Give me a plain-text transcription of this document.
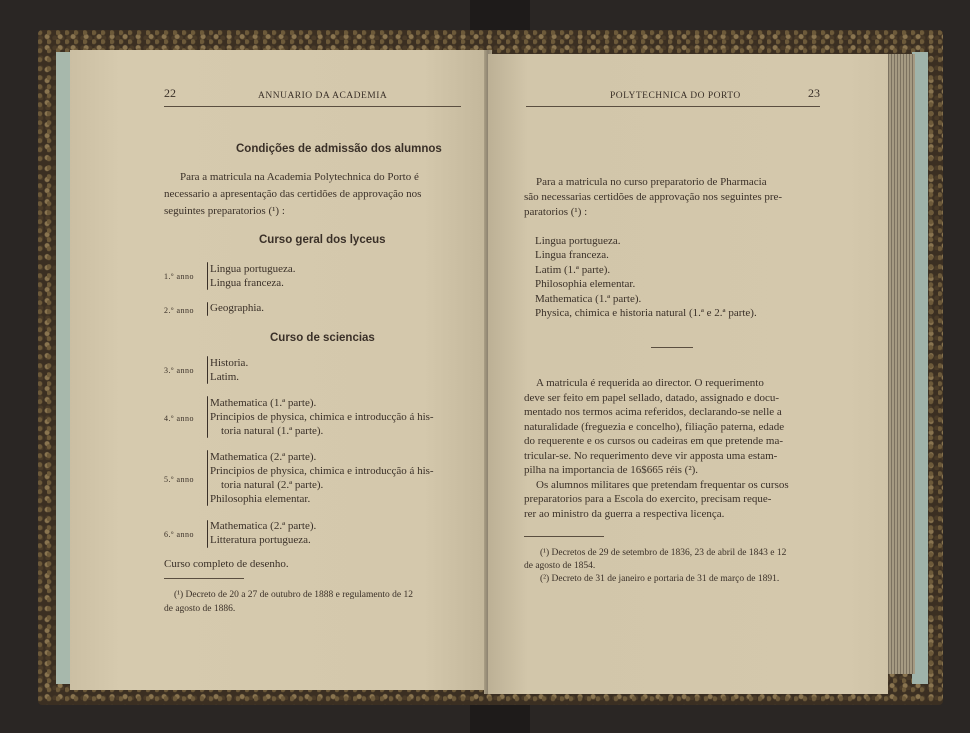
22	ANNUARIO DA ACADEMIA
Condições de admissão dos alumnos
Para a matricula na Academia Polytechnica do Porto é
necessario a apresentação das certidões de approvação nos
seguintes preparatorios (¹) :
Curso geral dos lyceus
1.º anno
Lingua portugueza.
Lingua franceza.
2.º anno Geographia.
Curso de sciencias
3.º anno
Historia.
Latim.
4.º anno
Mathematica (1.ª parte).
Principios de physica, chimica e introducção á his-
toria natural (1.ª parte).
5.º anno
Mathematica (2.ª parte).
Principios de physica, chimica e introducção á his-
toria natural (2.ª parte).
Philosophia elementar.
6.º anno
Mathematica (2.ª parte).
Litteratura portugueza.
Curso completo de desenho.
(¹) Decreto de 20 a 27 de outubro de 1888 e regulamento de 12
de agosto de 1886.
POLYTECHNICA DO PORTO	23
Para a matricula no curso preparatorio de Pharmacia
são necessarias certidões de approvação nos seguintes pre-
paratorios (¹) :
Lingua portugueza.
Lingua franceza.
Latim (1.ª parte).
Philosophia elementar.
Mathematica (1.ª parte).
Physica, chimica e historia natural (1.ª e 2.ª parte).
A matricula é requerida ao director. O requerimento
deve ser feito em papel sellado, datado, assignado e docu-
mentado nos termos acima referidos, declarando-se nelle a
naturalidade (freguezia e concelho), filiação paterna, edade
do requerente e os cursos ou cadeiras em que pretende ma-
tricular-se. No requerimento deve vir apposta uma estam-
pilha na importancia de 16$665 réis (²).
Os alumnos militares que pretendam frequentar os cursos
preparatorios para a Escola do exercito, precisam reque-
rer ao ministro da guerra a respectiva licença.
(¹) Decretos de 29 de setembro de 1836, 23 de abril de 1843 e 12
de agosto de 1854.
(²) Decreto de 31 de janeiro e portaria de 31 de março de 1891.
